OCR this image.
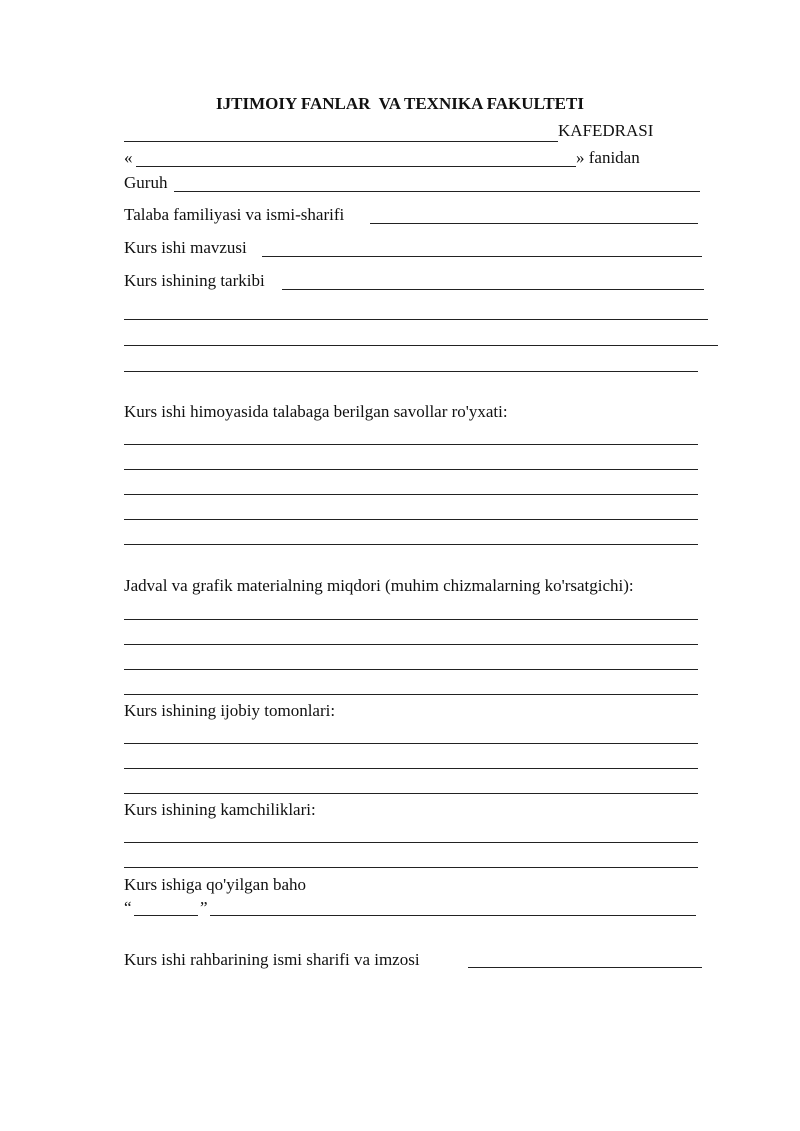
IJTIMOIY FANLAR  VA TEXNIKA FAKULTETI
KAFEDRASI
«	» fanidan
Guruh
Talaba familiyasi va ismi-sharifi
Kurs ishi mavzusi
Kurs ishining tarkibi
Kurs ishi himoyasida talabaga berilgan savollar ro'yxati:
Jadval va grafik materialning miqdori (muhim chizmalarning ko'rsatgichi):
Kurs ishining ijobiy tomonlari:
Kurs ishining kamchiliklari:
Kurs ishiga qo'yilgan baho
“	”
Kurs ishi rahbarining ismi sharifi va imzosi
